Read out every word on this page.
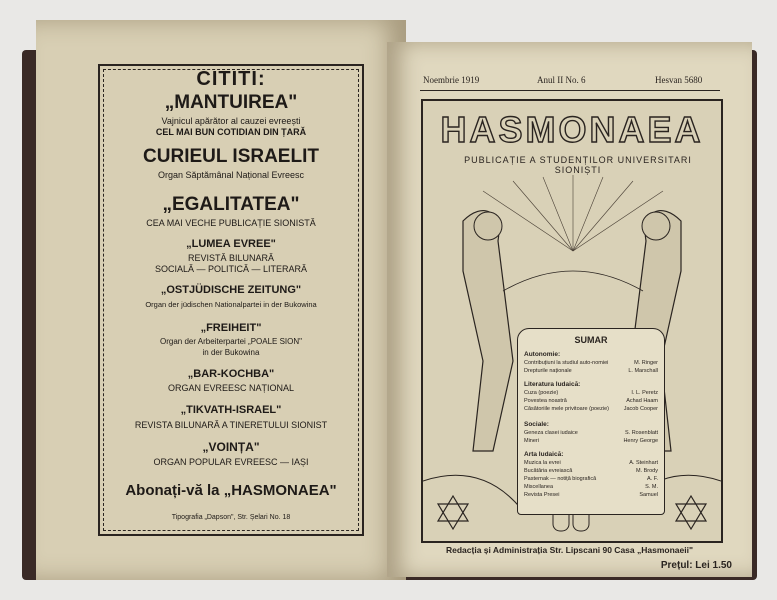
CITITI:
„MANTUIREA"
Vajnicul apărător al cauzei evreești
CEL MAI BUN COTIDIAN DIN ȚARĂ
CURIEUL ISRAELIT
Organ Săptămânal Național Evreesc
„EGALITATEA"
CEA MAI VECHE PUBLICAȚIE SIONISTĂ
„LUMEA EVREE"
REVISTĂ BILUNARĂ
SOCIALĂ — POLITICĂ — LITERARĂ
„OSTJÜDISCHE ZEITUNG"
Organ der jüdischen Nationalpartei in der Bukowina
„FREIHEIT"
Organ der Arbeiterpartei „POALE SION"
in der Bukowina
„BAR-KOCHBA"
ORGAN EVREESC NAȚIONAL
„TIKVATH-ISRAEL"
REVISTA BILUNARĂ A TINERETULUI SIONIST
„VOINȚA"
ORGAN POPULAR EVREESC — IAȘI
Abonați-vă la „HASMONAEA"
Tipografia „Dapson", Str. Șelari No. 18
Noembrie 1919	Anul II No. 6	Hesvan 5680
HASMONAEA
PUBLICAȚIE A STUDENȚILOR UNIVERSITARI SIONIȘTI
SUMAR
Autonomie:
Contribuțiuni la studiul auto-nomiei	M. Ringer
Drepturile naționale	L. Marschall
Literatura Iudaică:
Cuza (poezie)	I. L. Peretz
Povestea noastră	Achad Haam
Căsătoriile mele privitoare (poezie)	Jacob Cooper
Sociale:
Geneza clasei iudaice	S. Rosenblatt
Mineri	Henry George
Arta Iudaică:
Muzica la evrei	A. Steinhart
Bucătăria evreiască	M. Brody
Pasternak — notiță biografică	A. F.
Miscellanea	S. M.
Revista Presei	Samuel
Redacția și Administrația Str. Lipscani 90 Casa „Hasmonaeii"
Prețul: Lei 1.50
